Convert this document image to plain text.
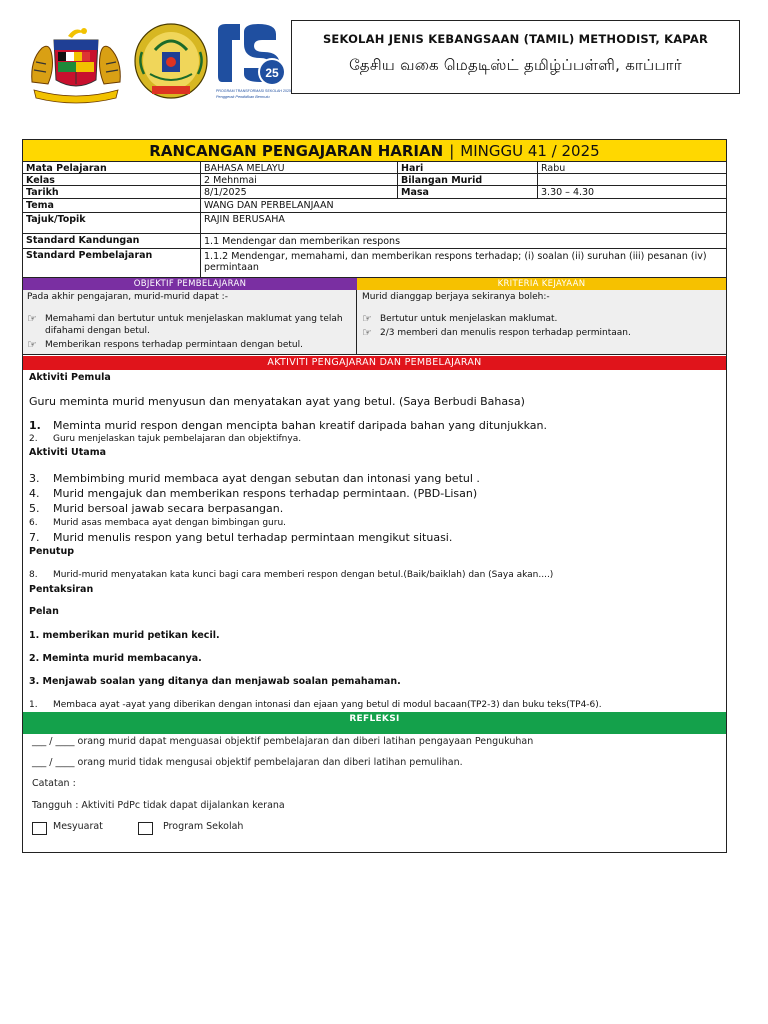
25
PROGRAM TRANSFORMASI SEKOLAH 2025
Penggerak Pendidikan Bermutu
SEKOLAH JENIS KEBANGSAAN (TAMIL) METHODIST, KAPAR
தேசிய வகை மெதடிஸ்ட் தமிழ்ப்பள்ளி, காப்பார்
RANCANGAN PENGAJARAN HARIAN | MINGGU 41 / 2025
Mata Pelajaran	BAHASA MELAYU	Hari	Rabu
Kelas	2 Mehnmai	Bilangan Murid
Tarikh	8/1/2025	Masa	3.30 – 4.30
Tema	WANG DAN PERBELANJAAN
Tajuk/Topik	RAJIN BERUSAHA
Standard Kandungan	1.1 Mendengar dan memberikan respons
Standard Pembelajaran	1.1.2 Mendengar, memahami, dan memberikan respons terhadap; (i) soalan (ii) suruhan (iii) pesanan (iv) permintaan
OBJEKTIF PEMBELAJARAN	KRITERIA KEJAYAAN
Pada akhir pengajaran, murid-murid dapat :-
☞ Memahami dan bertutur untuk menjelaskan maklumat yang telah difahami dengan betul.
☞ Memberikan respons terhadap permintaan dengan betul.
Murid dianggap berjaya sekiranya boleh:-
☞ Bertutur untuk menjelaskan maklumat.
☞ 2/3 memberi dan menulis respon terhadap permintaan.
AKTIVITI PENGAJARAN DAN PEMBELAJARAN
Aktiviti Pemula
Guru meminta murid menyusun dan menyatakan ayat yang betul. (Saya Berbudi Bahasa)
1. Meminta murid respon dengan mencipta bahan kreatif daripada bahan yang ditunjukkan.
2. Guru menjelaskan tajuk pembelajaran dan objektifnya.
Aktiviti Utama
3. Membimbing murid membaca ayat dengan sebutan dan intonasi yang betul .
4. Murid mengajuk dan memberikan respons terhadap permintaan. (PBD-Lisan)
5. Murid bersoal jawab secara berpasangan.
6. Murid asas membaca ayat dengan bimbingan guru.
7. Murid menulis respon yang betul terhadap permintaan mengikut situasi.
Penutup
8. Murid-murid menyatakan kata kunci bagi cara memberi respon dengan betul.(Baik/baiklah) dan (Saya akan....)
Pentaksiran
Pelan
1. memberikan murid petikan kecil.
2. Meminta murid membacanya.
3. Menjawab soalan yang ditanya dan menjawab soalan pemahaman.
1. Membaca ayat -ayat yang diberikan dengan intonasi dan ejaan yang betul di modul bacaan(TP2-3) dan buku teks(TP4-6).
REFLEKSI
___ / ____ orang murid dapat menguasai objektif pembelajaran dan diberi latihan pengayaan Pengukuhan
___ / ____ orang murid tidak mengusai objektif pembelajaran dan diberi latihan pemulihan.
Catatan :
Tangguh : Aktiviti PdPc tidak dapat dijalankan kerana
Mesyuarat	Program Sekolah
